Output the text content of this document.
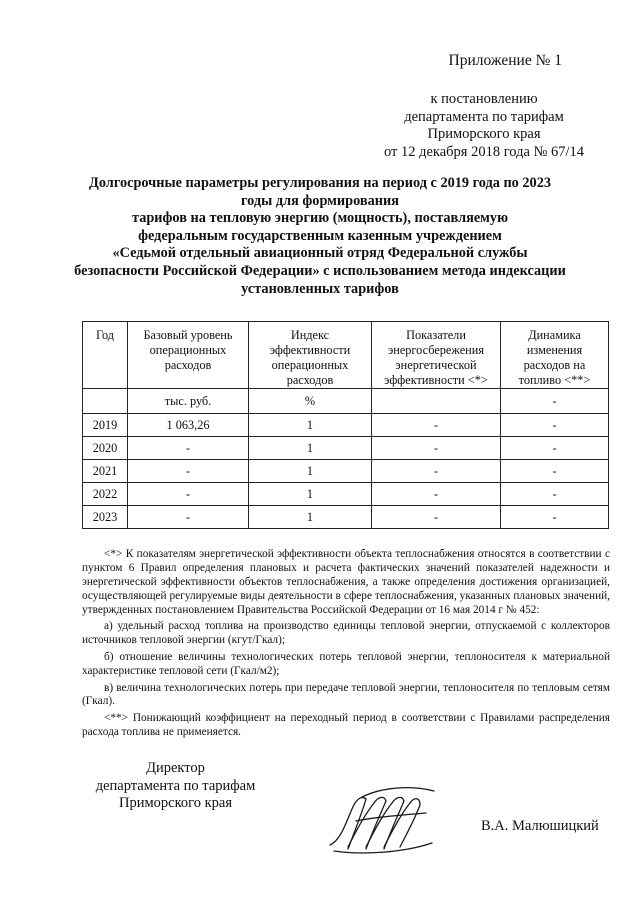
Приложение № 1
к постановлению
департамента по тарифам
Приморского края
от 12 декабря 2018 года № 67/14
Долгосрочные параметры регулирования на период с 2019 года по 2023
годы для формирования
тарифов на тепловую энергию (мощность), поставляемую
федеральным государственным казенным учреждением
«Седьмой отдельный авиационный отряд Федеральной службы
безопасности Российской Федерации» с использованием метода индексации
установленных тарифов
Год	Базовый уровень операционных расходов	Индекс эффективности операционных расходов	Показатели энергосбережения энергетической эффективности <*>	Динамика изменения расходов на топливо <**>
	тыс. руб.	%		-
2019	1 063,26	1	-	-
2020	-	1	-	-
2021	-	1	-	-
2022	-	1	-	-
2023	-	1	-	-

<*> К показателям энергетической эффективности объекта теплоснабжения относятся в соответствии с пунктом 6 Правил определения плановых и расчета фактических значений показателей надежности и энергетической эффективности объектов теплоснабжения, а также определения достижения организацией, осуществляющей регулируемые виды деятельности в сфере теплоснабжения, указанных плановых значений, утвержденных постановлением Правительства Российской Федерации от 16 мая 2014 г № 452:

а) удельный расход топлива на производство единицы тепловой энергии, отпускаемой с коллекторов источников тепловой энергии (кгут/Гкал);

б) отношение величины технологических потерь тепловой энергии, теплоносителя к материальной характеристике тепловой сети (Гкал/м2);

в) величина технологических потерь при передаче тепловой энергии, теплоносителя по тепловым сетям (Гкал).

<**> Понижающий коэффициент на переходный период в соответствии с Правилами распределения расхода топлива не применяется.

Директор
департамента по тарифам
Приморского края
В.А. Малюшицкий
